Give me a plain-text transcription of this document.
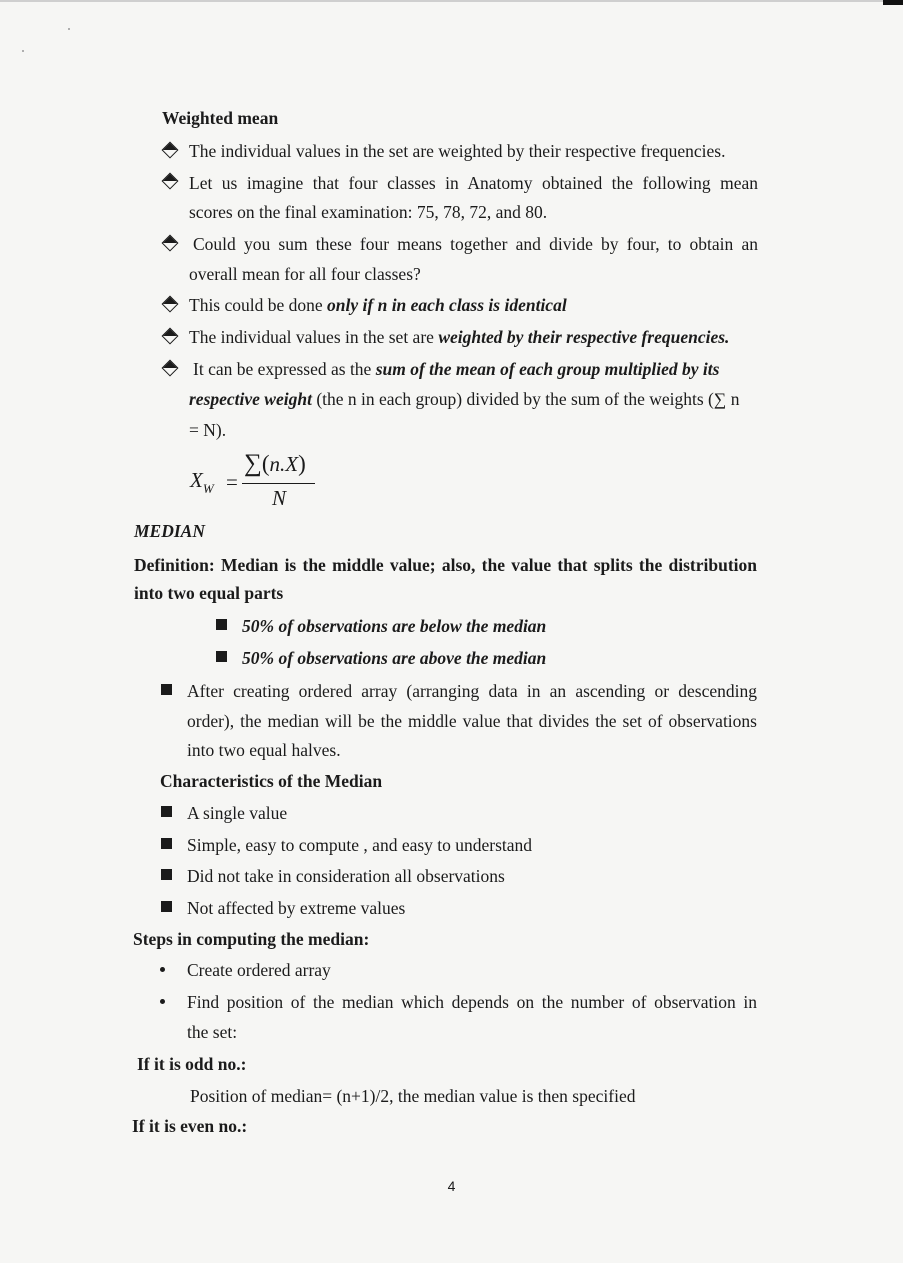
Weighted mean
The individual values in the set are weighted by their respective frequencies.
Let us imagine that four classes in Anatomy obtained the following mean
scores on the final examination: 75, 78, 72, and 80.
Could you sum these four means together and divide by four, to obtain an
overall mean for all four classes?
This could be done only if n in each class is identical
The individual values in the set are weighted by their respective frequencies.
It can be expressed as the sum of the mean of each group multiplied by its
respective weight (the n in each group) divided by the sum of the weights (∑ n
= N).
$X_W$ =
∑(n.X)
N
MEDIAN
Definition: Median is the middle value; also, the value that splits the distribution
into two equal parts
50% of observations are below the median
50% of observations are above the median
After creating ordered array (arranging data in an ascending or descending
order), the median will be the middle value that divides the set of observations
into two equal halves.
Characteristics of the Median
A single value
Simple, easy to compute , and easy to understand
Did not take in consideration all observations
Not affected by extreme values
Steps in computing the median:
Create ordered array
Find position of the median which depends on the number of observation in
the set:
If it is odd no.:
Position of median= (n+1)/2, the median value is then specified
If it is even no.:
4
